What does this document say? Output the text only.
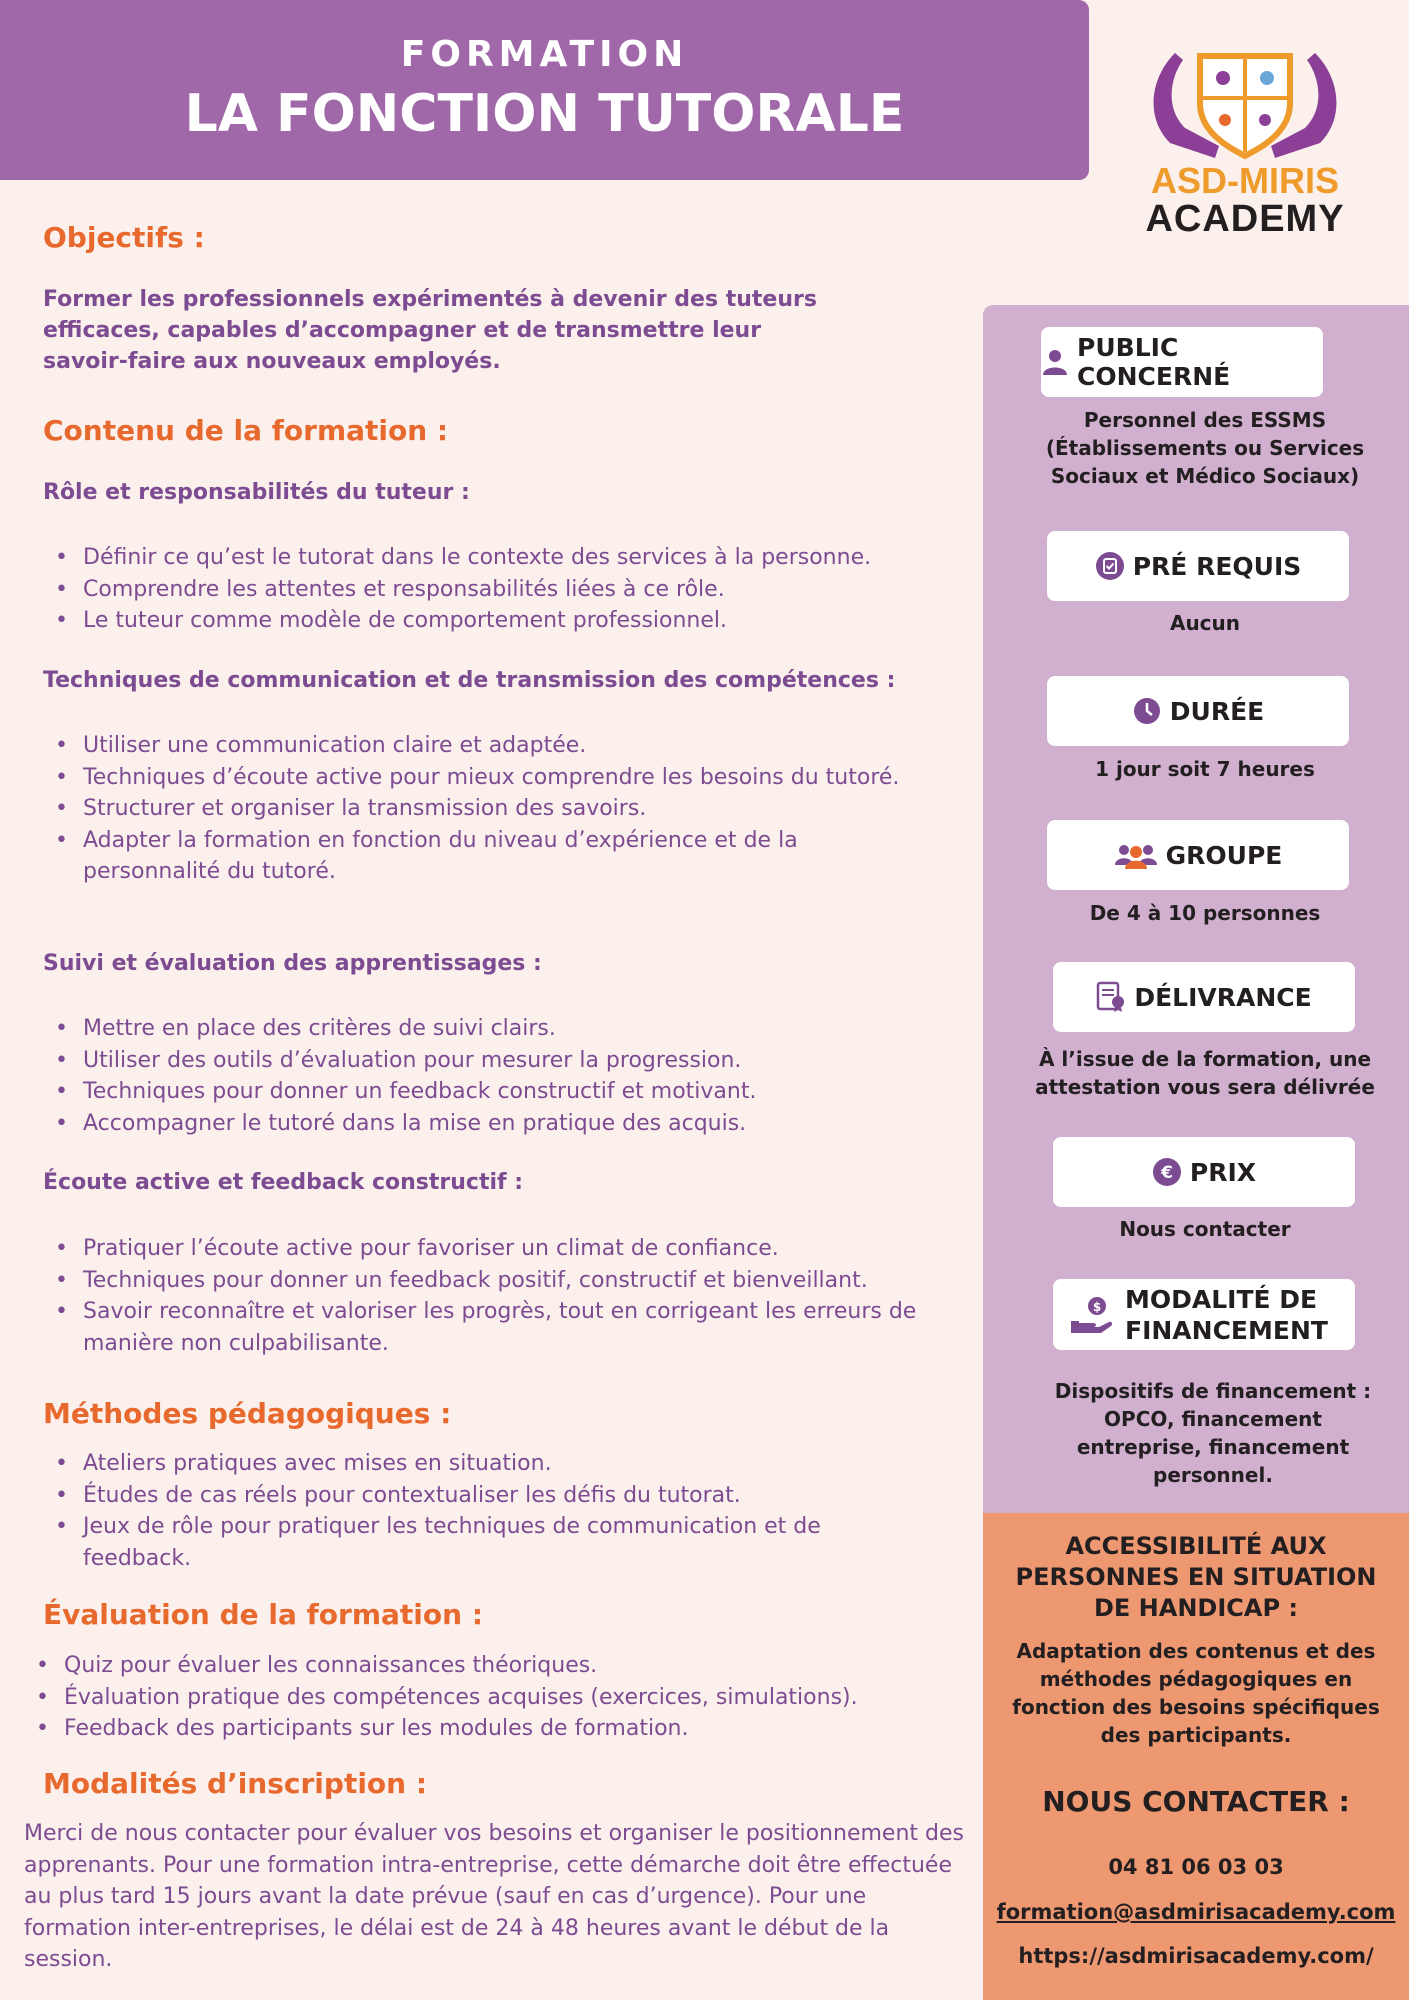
FORMATION
LA FONCTION TUTORALE
ASD-MIRIS
ACADEMY
Objectifs :
Former les professionnels expérimentés à devenir des tuteurs efficaces, capables d’accompagner et de transmettre leur savoir-faire aux nouveaux employés.
Contenu de la formation :
Rôle et responsabilités du tuteur :
• Définir ce qu’est le tutorat dans le contexte des services à la personne.
• Comprendre les attentes et responsabilités liées à ce rôle.
• Le tuteur comme modèle de comportement professionnel.
Techniques de communication et de transmission des compétences :
• Utiliser une communication claire et adaptée.
• Techniques d’écoute active pour mieux comprendre les besoins du tutoré.
• Structurer et organiser la transmission des savoirs.
• Adapter la formation en fonction du niveau d’expérience et de la personnalité du tutoré.
Suivi et évaluation des apprentissages :
• Mettre en place des critères de suivi clairs.
• Utiliser des outils d’évaluation pour mesurer la progression.
• Techniques pour donner un feedback constructif et motivant.
• Accompagner le tutoré dans la mise en pratique des acquis.
Écoute active et feedback constructif :
• Pratiquer l’écoute active pour favoriser un climat de confiance.
• Techniques pour donner un feedback positif, constructif et bienveillant.
• Savoir reconnaître et valoriser les progrès, tout en corrigeant les erreurs de manière non culpabilisante.
Méthodes pédagogiques :
• Ateliers pratiques avec mises en situation.
• Études de cas réels pour contextualiser les défis du tutorat.
• Jeux de rôle pour pratiquer les techniques de communication et de feedback.
Évaluation de la formation :
• Quiz pour évaluer les connaissances théoriques.
• Évaluation pratique des compétences acquises (exercices, simulations).
• Feedback des participants sur les modules de formation.
Modalités d’inscription :
Merci de nous contacter pour évaluer vos besoins et organiser le positionnement des apprenants. Pour une formation intra-entreprise, cette démarche doit être effectuée au plus tard 15 jours avant la date prévue (sauf en cas d’urgence). Pour une formation inter-entreprises, le délai est de 24 à 48 heures avant le début de la session.
PUBLIC CONCERNÉ
Personnel des ESSMS (Établissements ou Services Sociaux et Médico Sociaux)
PRÉ REQUIS
Aucun
DURÉE
1 jour soit 7 heures
GROUPE
De 4 à 10 personnes
DÉLIVRANCE
À l’issue de la formation, une attestation vous sera délivrée
€ PRIX
Nous contacter
$ MODALITÉ DE
FINANCEMENT
Dispositifs de financement : OPCO, financement entreprise, financement personnel.
ACCESSIBILITÉ AUX PERSONNES EN SITUATION DE HANDICAP :
Adaptation des contenus et des méthodes pédagogiques en fonction des besoins spécifiques des participants.
NOUS CONTACTER :
04 81 06 03 03
formation@asdmirisacademy.com
https://asdmirisacademy.com/
